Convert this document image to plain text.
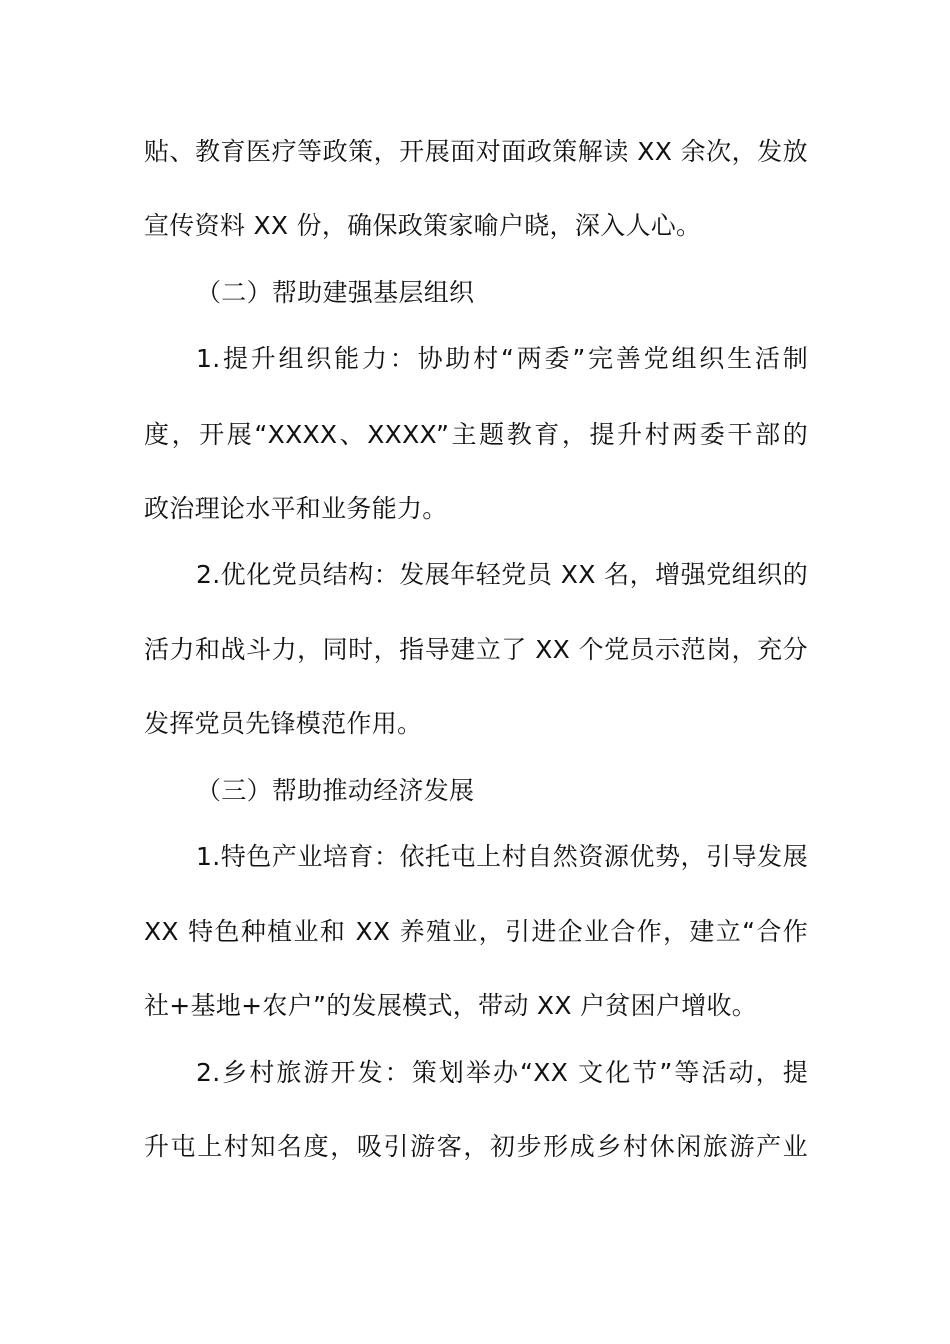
贴、教育医疗等政策，开展面对面政策解读 XX 余次，发放
宣传资料 XX 份，确保政策家喻户晓，深入人心。
（二）帮助建强基层组织
1.提升组织能力：协助村“两委”完善党组织生活制
度，开展“XXXX、XXXX”主题教育，提升村两委干部的
政治理论水平和业务能力。
2.优化党员结构：发展年轻党员 XX 名，增强党组织的
活力和战斗力，同时，指导建立了 XX 个党员示范岗，充分
发挥党员先锋模范作用。
（三）帮助推动经济发展
1.特色产业培育：依托屯上村自然资源优势，引导发展
XX 特色种植业和 XX 养殖业，引进企业合作，建立“合作
社+基地+农户”的发展模式，带动 XX 户贫困户增收。
2.乡村旅游开发：策划举办“XX 文化节”等活动，提
升屯上村知名度，吸引游客，初步形成乡村休闲旅游产业
